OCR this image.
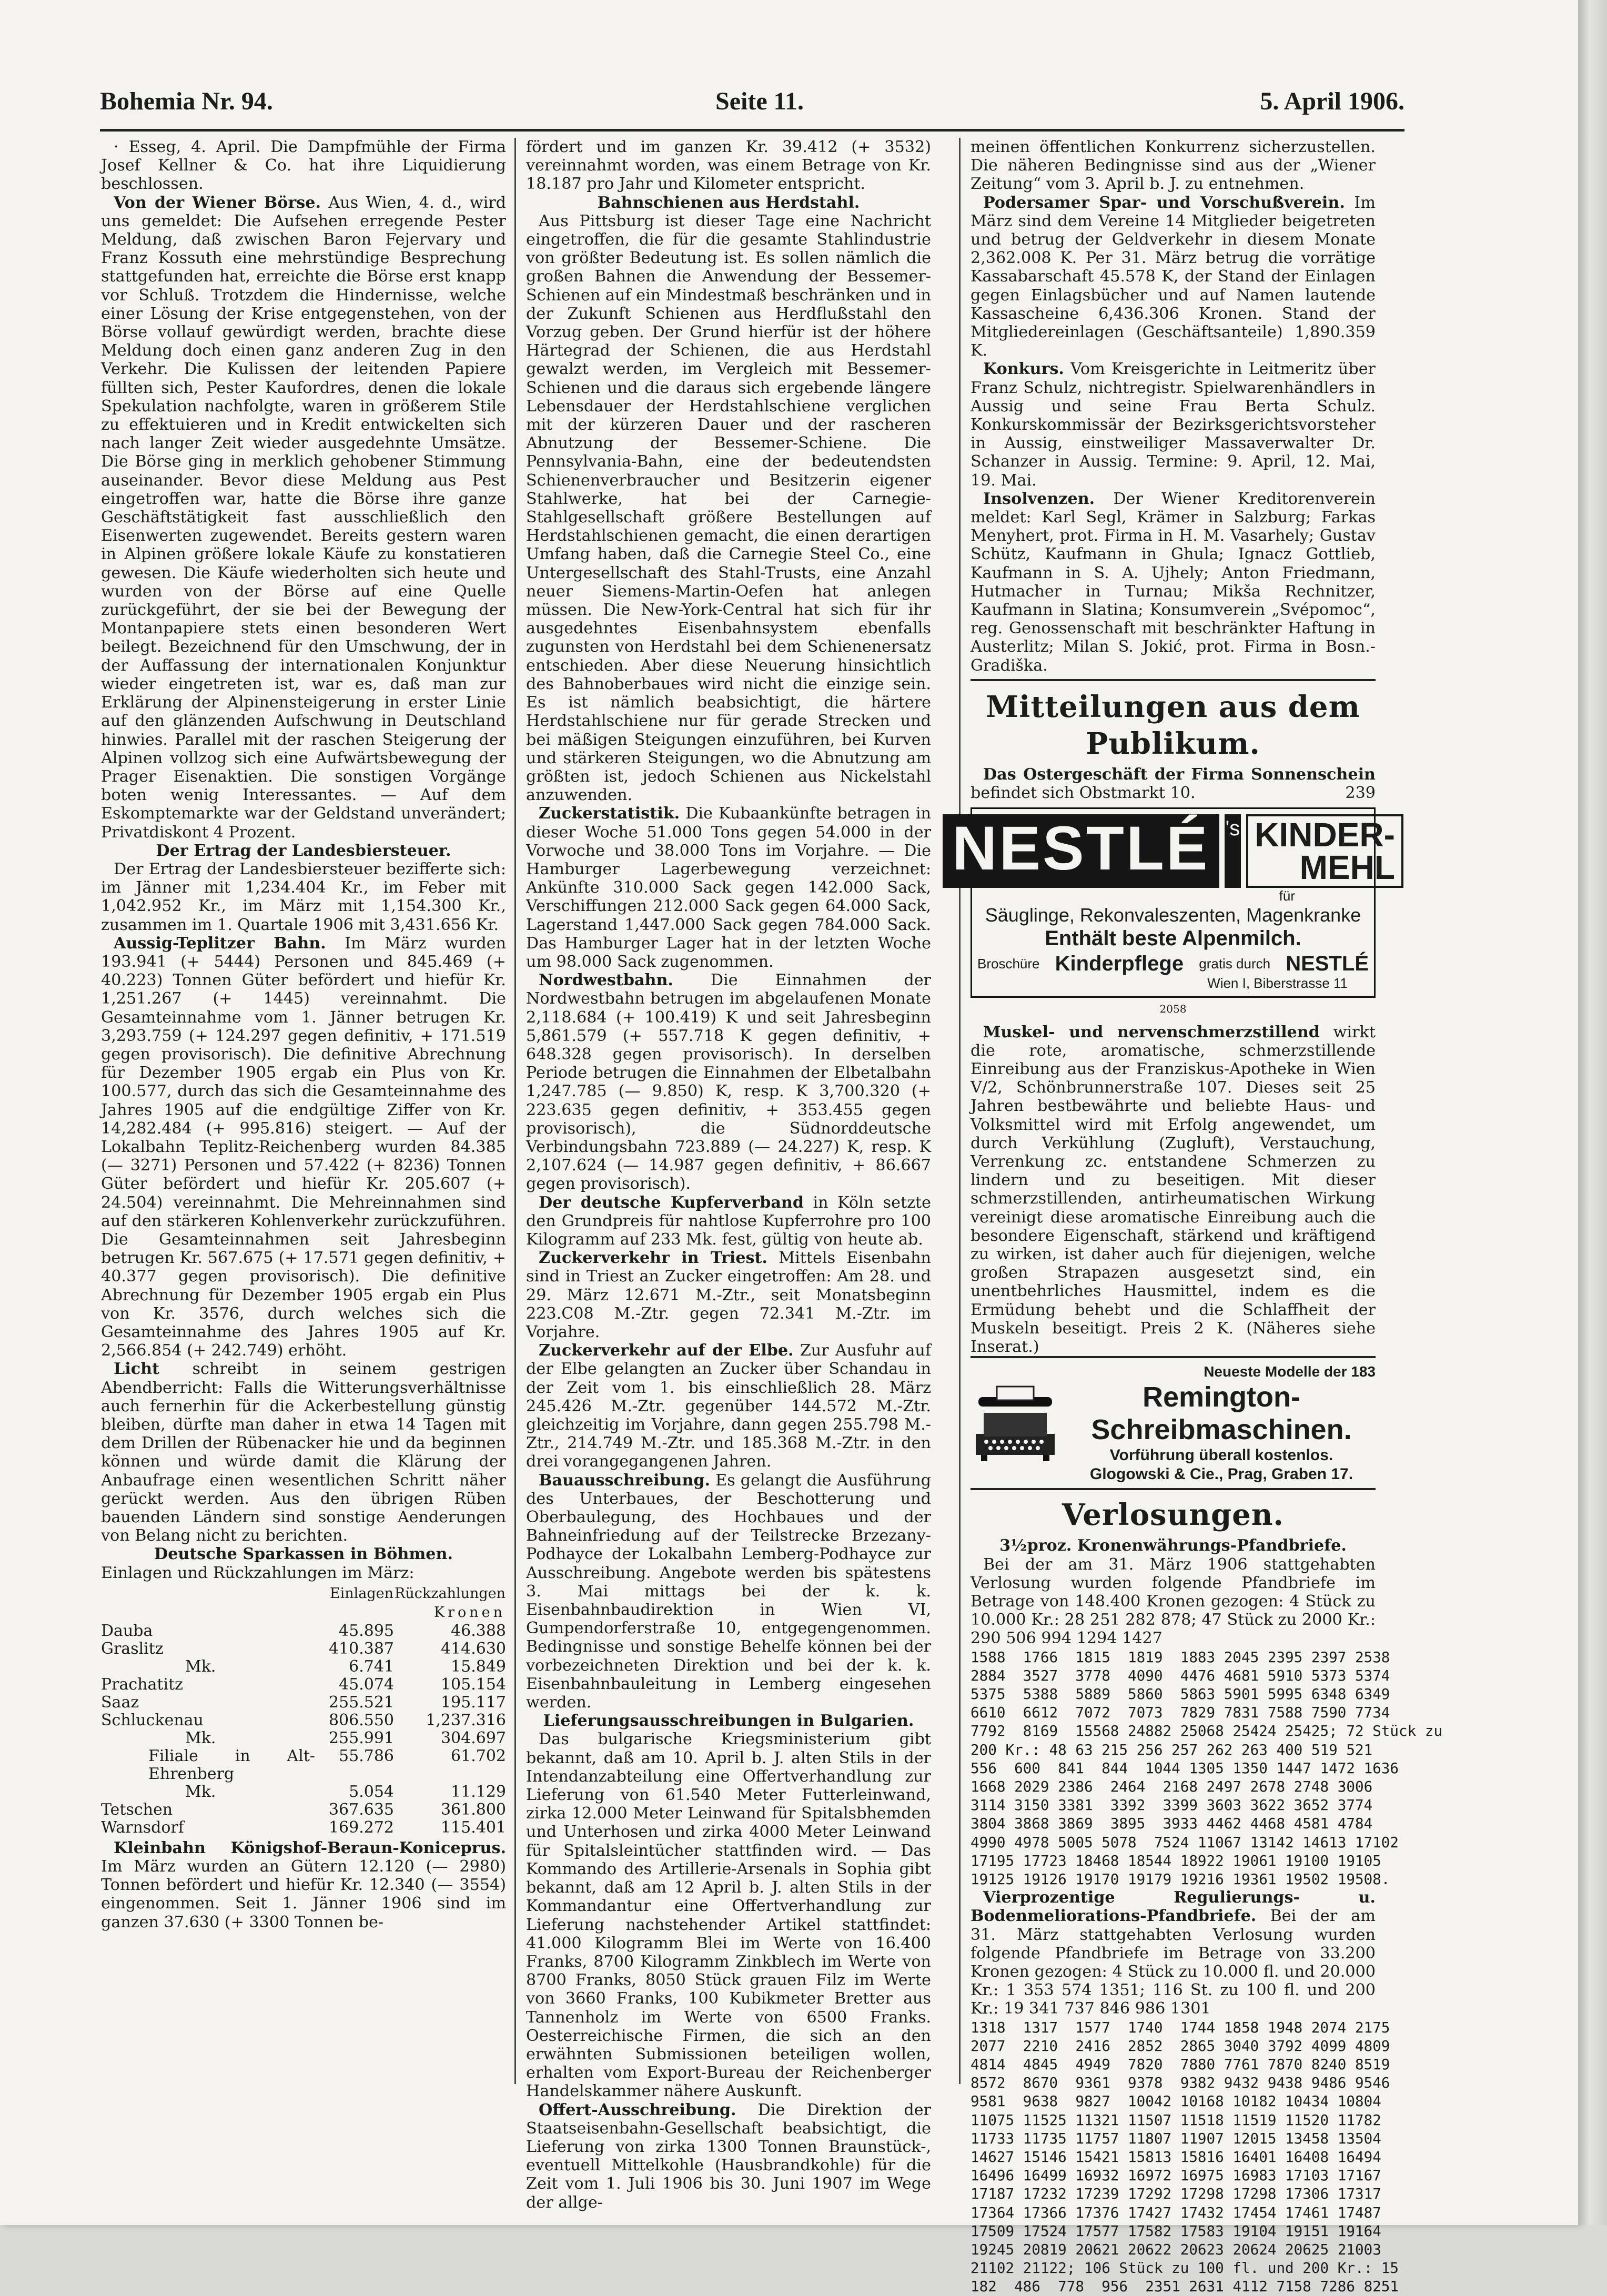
Bohemia Nr. 94.	Seite 11.	5. April 1906.

· Esseg, 4. April. Die Dampfmühle der Firma Josef Kellner & Co. hat ihre Liquidierung beschlossen.

Von der Wiener Börse. Aus Wien, 4. d., wird uns gemeldet: Die Aufsehen erregende Pester Meldung, daß zwischen Baron Fejervary und Franz Kossuth eine mehrstündige Besprechung stattgefunden hat, erreichte die Börse erst knapp vor Schluß. Trotzdem die Hindernisse, welche einer Lösung der Krise entgegenstehen, von der Börse vollauf gewürdigt werden, brachte diese Meldung doch einen ganz anderen Zug in den Verkehr. Die Kulissen der leitenden Papiere füllten sich, Pester Kaufordres, denen die lokale Spekulation nachfolgte, waren in größerem Stile zu effektuieren und in Kredit entwickelten sich nach langer Zeit wieder ausgedehnte Umsätze. Die Börse ging in merklich gehobener Stimmung auseinander. Bevor diese Meldung aus Pest eingetroffen war, hatte die Börse ihre ganze Geschäftstätigkeit fast ausschließlich den Eisenwerten zugewendet. Bereits gestern waren in Alpinen größere lokale Käufe zu konstatieren gewesen. Die Käufe wiederholten sich heute und wurden von der Börse auf eine Quelle zurückgeführt, der sie bei der Bewegung der Montanpapiere stets einen besonderen Wert beilegt. Bezeichnend für den Umschwung, der in der Auffassung der internationalen Konjunktur wieder eingetreten ist, war es, daß man zur Erklärung der Alpinensteigerung in erster Linie auf den glänzenden Aufschwung in Deutschland hinwies. Parallel mit der raschen Steigerung der Alpinen vollzog sich eine Aufwärtsbewegung der Prager Eisenaktien. Die sonstigen Vorgänge boten wenig Interessantes. — Auf dem Eskomptemarkte war der Geldstand unverändert; Privatdiskont 4 Prozent.

Der Ertrag der Landesbiersteuer.

Der Ertrag der Landesbiersteuer bezifferte sich: im Jänner mit 1,234.404 Kr., im Feber mit 1,042.952 Kr., im März mit 1,154.300 Kr., zusammen im 1. Quartale 1906 mit 3,431.656 Kr.

Aussig-Teplitzer Bahn. Im März wurden 193.941 (+ 5444) Personen und 845.469 (+ 40.223) Tonnen Güter befördert und hiefür Kr. 1,251.267 (+ 1445) vereinnahmt. Die Gesamteinnahme vom 1. Jänner betrugen Kr. 3,293.759 (+ 124.297 gegen definitiv, + 171.519 gegen provisorisch). Die definitive Abrechnung für Dezember 1905 ergab ein Plus von Kr. 100.577, durch das sich die Gesamteinnahme des Jahres 1905 auf die endgültige Ziffer von Kr. 14,282.484 (+ 995.816) steigert. — Auf der Lokalbahn Teplitz-Reichenberg wurden 84.385 (— 3271) Personen und 57.422 (+ 8236) Tonnen Güter befördert und hiefür Kr. 205.607 (+ 24.504) vereinnahmt. Die Mehreinnahmen sind auf den stärkeren Kohlenverkehr zurückzuführen. Die Gesamteinnahmen seit Jahresbeginn betrugen Kr. 567.675 (+ 17.571 gegen definitiv, + 40.377 gegen provisorisch). Die definitive Abrechnung für Dezember 1905 ergab ein Plus von Kr. 3576, durch welches sich die Gesamteinnahme des Jahres 1905 auf Kr. 2,566.854 (+ 242.749) erhöht.

Licht schreibt in seinem gestrigen Abendberricht: Falls die Witterungsverhältnisse auch fernerhin für die Ackerbestellung günstig bleiben, dürfte man daher in etwa 14 Tagen mit dem Drillen der Rübenacker hie und da beginnen können und würde damit die Klärung der Anbaufrage einen wesentlichen Schritt näher gerückt werden. Aus den übrigen Rüben bauenden Ländern sind sonstige Aenderungen von Belang nicht zu berichten.

Deutsche Sparkassen in Böhmen.

Einlagen und Rückzahlungen im März:

	Einlagen	Rückzahlungen
		Kronen
Dauba	45.895	46.388
Graslitz	410.387	414.630
Mk.	6.741	15.849
Prachatitz	45.074	105.154
Saaz	255.521	195.117
Schluckenau	806.550	1,237.316
Mk.	255.991	304.697
Filiale in Alt-Ehrenberg	55.786	61.702
Mk.	5.054	11.129
Tetschen	367.635	361.800
Warnsdorf	169.272	115.401

Kleinbahn Königshof-Beraun-Koniceprus. Im März wurden an Gütern 12.120 (— 2980) Tonnen befördert und hiefür Kr. 12.340 (— 3554) eingenommen. Seit 1. Jänner 1906 sind im ganzen 37.630 (+ 3300 Tonnen be-

fördert und im ganzen Kr. 39.412 (+ 3532) vereinnahmt worden, was einem Betrage von Kr. 18.187 pro Jahr und Kilometer entspricht.

Bahnschienen aus Herdstahl.

Aus Pittsburg ist dieser Tage eine Nachricht eingetroffen, die für die gesamte Stahlindustrie von größter Bedeutung ist. Es sollen nämlich die großen Bahnen die Anwendung der Bessemer-Schienen auf ein Mindestmaß beschränken und in der Zukunft Schienen aus Herdflußstahl den Vorzug geben. Der Grund hierfür ist der höhere Härtegrad der Schienen, die aus Herdstahl gewalzt werden, im Vergleich mit Bessemer-Schienen und die daraus sich ergebende längere Lebensdauer der Herdstahlschiene verglichen mit der kürzeren Dauer und der rascheren Abnutzung der Bessemer-Schiene. Die Pennsylvania-Bahn, eine der bedeutendsten Schienenverbraucher und Besitzerin eigener Stahlwerke, hat bei der Carnegie-Stahlgesellschaft größere Bestellungen auf Herdstahlschienen gemacht, die einen derartigen Umfang haben, daß die Carnegie Steel Co., eine Untergesellschaft des Stahl-Trusts, eine Anzahl neuer Siemens-Martin-Oefen hat anlegen müssen. Die New-York-Central hat sich für ihr ausgedehntes Eisenbahnsystem ebenfalls zugunsten von Herdstahl bei dem Schienenersatz entschieden. Aber diese Neuerung hinsichtlich des Bahnoberbaues wird nicht die einzige sein. Es ist nämlich beabsichtigt, die härtere Herdstahlschiene nur für gerade Strecken und bei mäßigen Steigungen einzuführen, bei Kurven und stärkeren Steigungen, wo die Abnutzung am größten ist, jedoch Schienen aus Nickelstahl anzuwenden.

Zuckerstatistik. Die Kubaankünfte betragen in dieser Woche 51.000 Tons gegen 54.000 in der Vorwoche und 38.000 Tons im Vorjahre. — Die Hamburger Lagerbewegung verzeichnet: Ankünfte 310.000 Sack gegen 142.000 Sack, Verschiffungen 212.000 Sack gegen 64.000 Sack, Lagerstand 1,447.000 Sack gegen 784.000 Sack. Das Hamburger Lager hat in der letzten Woche um 98.000 Sack zugenommen.

Nordwestbahn. Die Einnahmen der Nordwestbahn betrugen im abgelaufenen Monate 2,118.684 (+ 100.419) K und seit Jahresbeginn 5,861.579 (+ 557.718 K gegen definitiv, + 648.328 gegen provisorisch). In derselben Periode betrugen die Einnahmen der Elbetalbahn 1,247.785 (— 9.850) K, resp. K 3,700.320 (+ 223.635 gegen definitiv, + 353.455 gegen provisorisch), die Südnorddeutsche Verbindungsbahn 723.889 (— 24.227) K, resp. K 2,107.624 (— 14.987 gegen definitiv, + 86.667 gegen provisorisch).

Der deutsche Kupferverband in Köln setzte den Grundpreis für nahtlose Kupferrohre pro 100 Kilogramm auf 233 Mk. fest, gültig von heute ab.

Zuckerverkehr in Triest. Mittels Eisenbahn sind in Triest an Zucker eingetroffen: Am 28. und 29. März 12.671 M.-Ztr., seit Monatsbeginn 223.C08 M.-Ztr. gegen 72.341 M.-Ztr. im Vorjahre.

Zuckerverkehr auf der Elbe. Zur Ausfuhr auf der Elbe gelangten an Zucker über Schandau in der Zeit vom 1. bis einschließlich 28. März 245.426 M.-Ztr. gegenüber 144.572 M.-Ztr. gleichzeitig im Vorjahre, dann gegen 255.798 M.-Ztr., 214.749 M.-Ztr. und 185.368 M.-Ztr. in den drei vorangegangenen Jahren.

Bauausschreibung. Es gelangt die Ausführung des Unterbaues, der Beschotterung und Oberbaulegung, des Hochbaues und der Bahneinfriedung auf der Teilstrecke Brzezany-Podhayce der Lokalbahn Lemberg-Podhayce zur Ausschreibung. Angebote werden bis spätestens 3. Mai mittags bei der k. k. Eisenbahnbaudirektion in Wien VI, Gumpendorferstraße 10, entgegengenommen. Bedingnisse und sonstige Behelfe können bei der vorbezeichneten Direktion und bei der k. k. Eisenbahnbauleitung in Lemberg eingesehen werden.

Lieferungsausschreibungen in Bulgarien.

Das bulgarische Kriegsministerium gibt bekannt, daß am 10. April b. J. alten Stils in der Intendanzabteilung eine Offertverhandlung zur Lieferung von 61.540 Meter Futterleinwand, zirka 12.000 Meter Leinwand für Spitalsbhemden und Unterhosen und zirka 4000 Meter Leinwand für Spitalsleintücher stattfinden wird. — Das Kommando des Artillerie-Arsenals in Sophia gibt bekannt, daß am 12 April b. J. alten Stils in der Kommandantur eine Offertverhandlung zur Lieferung nachstehender Artikel stattfindet: 41.000 Kilogramm Blei im Werte von 16.400 Franks, 8700 Kilogramm Zinkblech im Werte von 8700 Franks, 8050 Stück grauen Filz im Werte von 3660 Franks, 100 Kubikmeter Bretter aus Tannenholz im Werte von 6500 Franks. Oesterreichische Firmen, die sich an den erwähnten Submissionen beteiligen wollen, erhalten vom Export-Bureau der Reichenberger Handelskammer nähere Auskunft.

Offert-Ausschreibung. Die Direktion der Staatseisenbahn-Gesellschaft beabsichtigt, die Lieferung von zirka 1300 Tonnen Braunstück-, eventuell Mittelkohle (Hausbrandkohle) für die Zeit vom 1. Juli 1906 bis 30. Juni 1907 im Wege der allge-

meinen öffentlichen Konkurrenz sicherzustellen. Die näheren Bedingnisse sind aus der „Wiener Zeitung“ vom 3. April b. J. zu entnehmen.

Podersamer Spar- und Vorschußverein. Im März sind dem Vereine 14 Mitglieder beigetreten und betrug der Geldverkehr in diesem Monate 2,362.008 K. Per 31. März betrug die vorrätige Kassabarschaft 45.578 K, der Stand der Einlagen gegen Einlagsbücher und auf Namen lautende Kassascheine 6,436.306 Kronen. Stand der Mitgliedereinlagen (Geschäftsanteile) 1,890.359 K.

Konkurs. Vom Kreisgerichte in Leitmeritz über Franz Schulz, nichtregistr. Spielwarenhändlers in Aussig und seine Frau Berta Schulz. Konkurskommissär der Bezirksgerichtsvorsteher in Aussig, einstweiliger Massaverwalter Dr. Schanzer in Aussig. Termine: 9. April, 12. Mai, 19. Mai.

Insolvenzen. Der Wiener Kreditorenverein meldet: Karl Segl, Krämer in Salzburg; Farkas Menyhert, prot. Firma in H. M. Vasarhely; Gustav Schütz, Kaufmann in Ghula; Ignacz Gottlieb, Kaufmann in S. A. Ujhely; Anton Friedmann, Hutmacher in Turnau; Mikša Rechnitzer, Kaufmann in Slatina; Konsumverein „Svépomoc“, reg. Genossenschaft mit beschränkter Haftung in Austerlitz; Milan S. Jokić, prot. Firma in Bosn.-Gradiška.

Mitteilungen aus dem Publikum.

Das Ostergeschäft der Firma Sonnenschein befindet sich Obstmarkt 10.	239

NESTLÉ 's KINDER-
MEHL
für
Säuglinge, Rekonvaleszenten, Magenkranke
Enthält beste Alpenmilch.
Broschüre Kinderpflege gratis durch NESTLÉ
Wien I, Biberstrasse 11
2058

Muskel- und nervenschmerzstillend wirkt die rote, aromatische, schmerzstillende Einreibung aus der Franziskus-Apotheke in Wien V/2, Schönbrunnerstraße 107. Dieses seit 25 Jahren bestbewährte und beliebte Haus- und Volksmittel wird mit Erfolg angewendet, um durch Verkühlung (Zugluft), Verstauchung, Verrenkung zc. entstandene Schmerzen zu lindern und zu beseitigen. Mit dieser schmerzstillenden, antirheumatischen Wirkung vereinigt diese aromatische Einreibung auch die besondere Eigenschaft, stärkend und kräftigend zu wirken, ist daher auch für diejenigen, welche großen Strapazen ausgesetzt sind, ein unentbehrliches Hausmittel, indem es die Ermüdung behebt und die Schlaffheit der Muskeln beseitigt. Preis 2 K. (Näheres siehe Inserat.)

Neueste Modelle der 183
Remington-Schreibmaschinen.
Vorführung überall kostenlos.
Glogowski & Cie., Prag, Graben 17.
Verlosungen.

3½proz. Kronenwährungs-Pfandbriefe.

Bei der am 31. März 1906 stattgehabten Verlosung wurden folgende Pfandbriefe im Betrage von 148.400 Kronen gezogen: 4 Stück zu 10.000 Kr.: 28 251 282 878; 47 Stück zu 2000 Kr.: 290 506 994 1294 1427

1588  1766  1815  1819  1883 2045 2395 2397 2538
2884  3527  3778  4090  4476 4681 5910 5373 5374
5375  5388  5889  5860  5863 5901 5995 6348 6349
6610  6612  7072  7073  7829 7831 7588 7590 7734
7792  8169  15568 24882 25068 25424 25425; 72
200 Kr.: 48 63 215 256 257 262 263 400 519 521
556  600  841  844  1044 1305 1350 1447 1472
1668 2029 2386  2464  2168 2497 2678 2748 3006
3114 3150 3381  3392  3399 3603 3622 3652 3774
3804 3868 3869  3895  3933 4462 4468 4581 4784
4990 4978 5005 5078  7524 11067 13142 14613
17195 17723 18468 18544 18922 19061 19100 19105
19125 19126 19170 19179 19216 19361 19502 19508.

Vierprozentige Regulierungs- u. Bodenmeliorations-Pfandbriefe. Bei der am 31. März stattgehabten Verlosung wurden folgende Pfandbriefe im Betrage von 33.200 Kronen gezogen: 4 Stück zu 10.000 fl. und 20.000 Kr.: 1 353 574 1351; 116 St. zu 100 fl. und 200 Kr.: 19 341 737 846 986 1301

1318  1317  1577  1740  1744 1858 1948 2074 2175
2077  2210  2416  2852  2865 3040 3792 4099 4809
4814  4845  4949  7820  7880 7761 7870 8240 8519
8572  8670  9361  9378  9382 9432 9438 9486 9546
9581  9638  9827  10042 10168 10182 10434 10804
11075 11525 11321 11507 11518 11519 11520 11782
11733 11735 11757 11807 11907 12015 13458 13504
14627 15146 15421 15813 15816 16401 16408 16494
16496 16499 16932 16972 16975 16983 17103 17167
17187 17232 17239 17292 17298 17298 17306 17317
17364 17366 17376 17427 17432 17454 17461 17487
17509 17524 17577 17582 17583 19104 19151 19164
19245 20819 20621 20622 20623 20624 20625 21003
21102 21122; 106 Stück zu 100 fl. und 200 Kr.: 15
182  486  778  956  2351 2631 4112 7158 7286 8251
